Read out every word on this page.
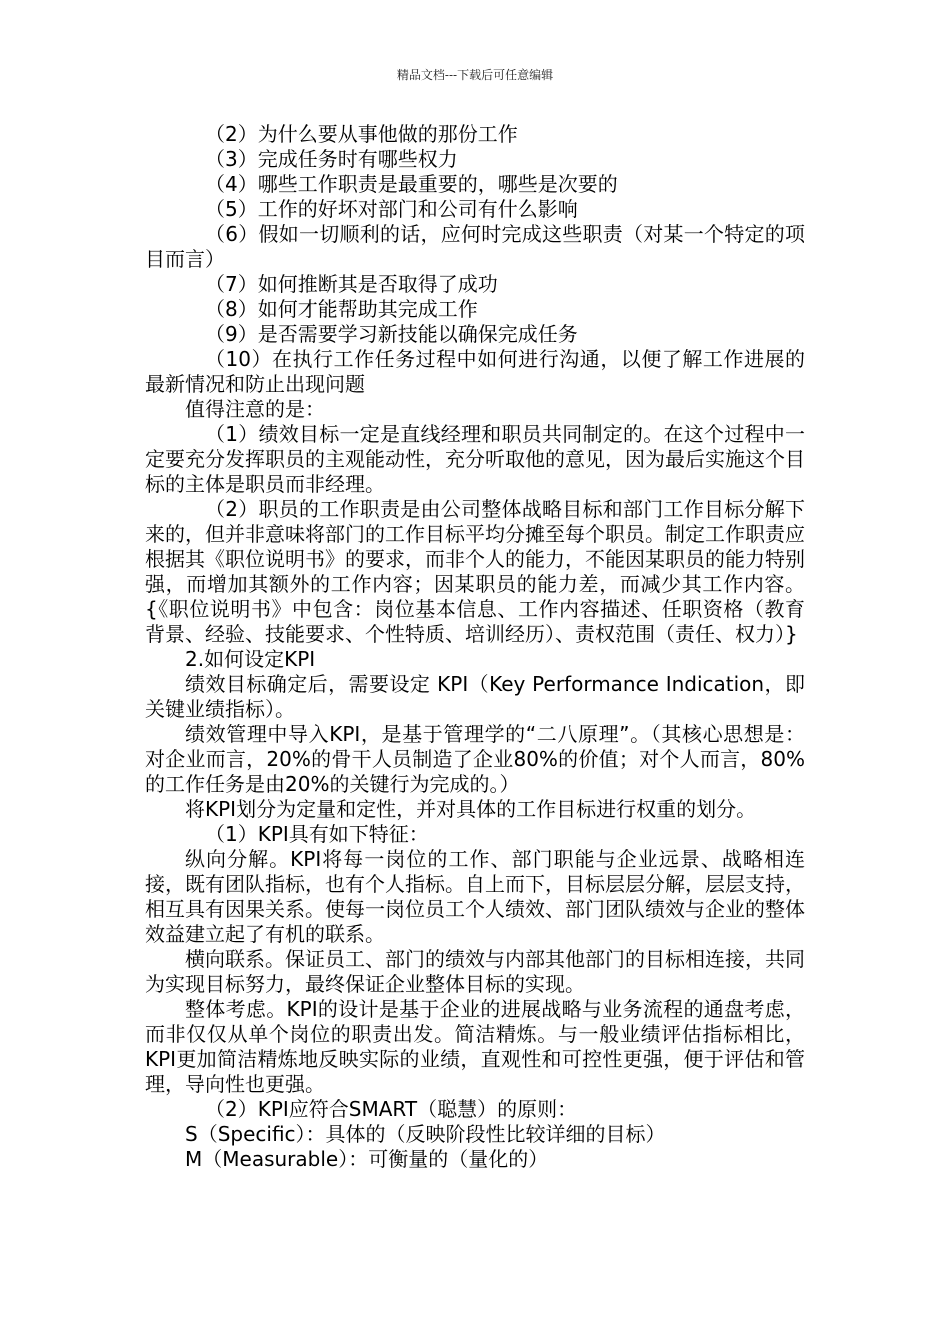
精品文档---下载后可任意编辑

（2）为什么要从事他做的那份工作

（3）完成任务时有哪些权力

（4）哪些工作职责是最重要的，哪些是次要的

（5）工作的好坏对部门和公司有什么影响

（6）假如一切顺利的话，应何时完成这些职责（对某一个特定的项目而言）

（7）如何推断其是否取得了成功

（8）如何才能帮助其完成工作

（9）是否需要学习新技能以确保完成任务

（10）在执行工作任务过程中如何进行沟通，以便了解工作进展的最新情况和防止出现问题

值得注意的是：

（1）绩效目标一定是直线经理和职员共同制定的。在这个过程中一定要充分发挥职员的主观能动性，充分听取他的意见，因为最后实施这个目标的主体是职员而非经理。

（2）职员的工作职责是由公司整体战略目标和部门工作目标分解下来的，但并非意味将部门的工作目标平均分摊至每个职员。制定工作职责应根据其《职位说明书》的要求，而非个人的能力，不能因某职员的能力特别强，而增加其额外的工作内容；因某职员的能力差，而减少其工作内容。{《职位说明书》中包含：岗位基本信息、工作内容描述、任职资格（教育背景、经验、技能要求、个性特质、培训经历）、责权范围（责任、权力）}

2.如何设定KPI

绩效目标确定后，需要设定 KPI（Key Performance Indication，即关键业绩指标）。

绩效管理中导入KPI，是基于管理学的“二八原理”。（其核心思想是：对企业而言，20%的骨干人员制造了企业80%的价值；对个人而言，80%的工作任务是由20%的关键行为完成的。）

将KPI划分为定量和定性，并对具体的工作目标进行权重的划分。

（1）KPI具有如下特征：

纵向分解。KPI将每一岗位的工作、部门职能与企业远景、战略相连接，既有团队指标，也有个人指标。自上而下，目标层层分解，层层支持，相互具有因果关系。使每一岗位员工个人绩效、部门团队绩效与企业的整体效益建立起了有机的联系。

横向联系。保证员工、部门的绩效与内部其他部门的目标相连接，共同为实现目标努力，最终保证企业整体目标的实现。

整体考虑。KPI的设计是基于企业的进展战略与业务流程的通盘考虑，而非仅仅从单个岗位的职责出发。简洁精炼。与一般业绩评估指标相比，KPI更加简洁精炼地反映实际的业绩，直观性和可控性更强，便于评估和管理，导向性也更强。

（2）KPI应符合SMART（聪慧）的原则：

S（Specific）：具体的（反映阶段性比较详细的目标）

M（Measurable）：可衡量的（量化的）
